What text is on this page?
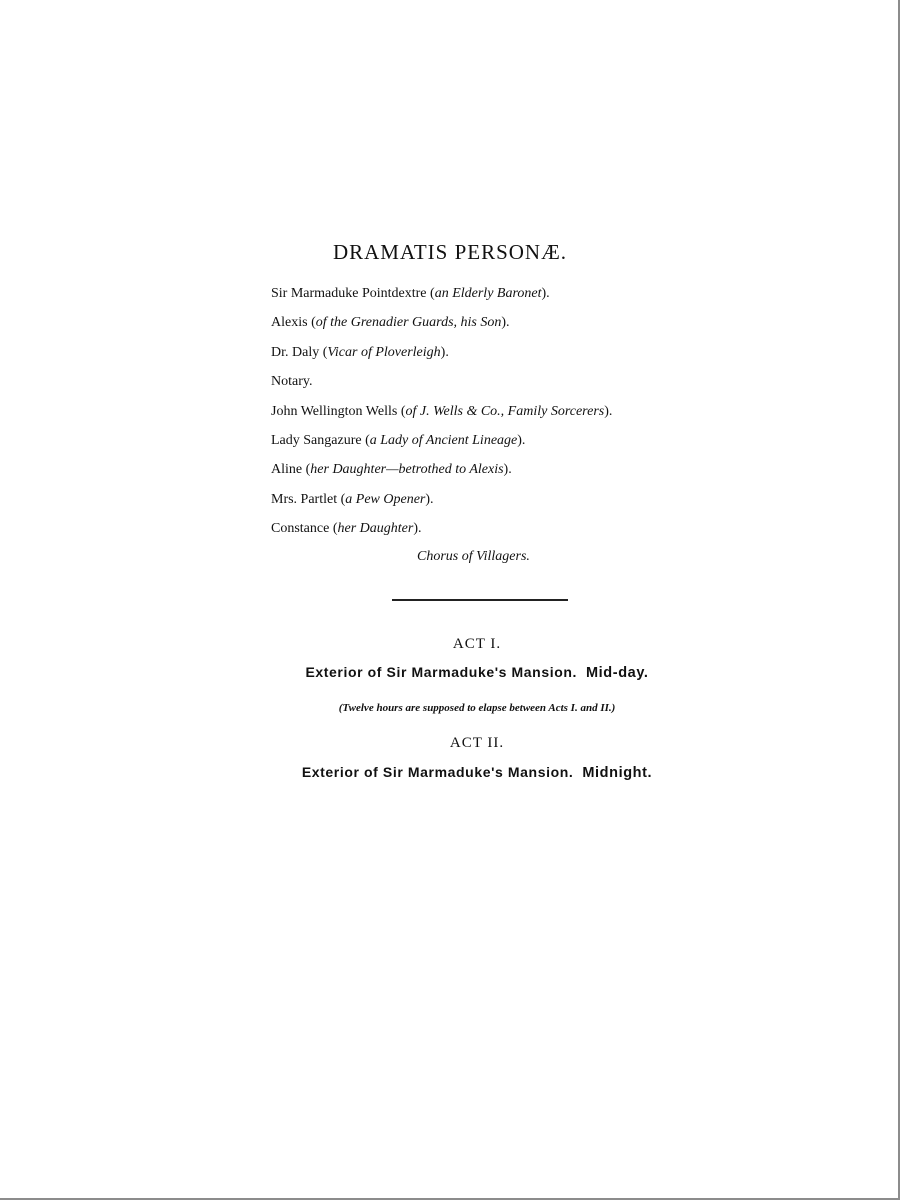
DRAMATIS PERSONÆ.
Sir Marmaduke Pointdextre (an Elderly Baronet).
Alexis (of the Grenadier Guards, his Son).
Dr. Daly (Vicar of Ploverleigh).
Notary.
John Wellington Wells (of J. Wells & Co., Family Sorcerers).
Lady Sangazure (a Lady of Ancient Lineage).
Aline (her Daughter—betrothed to Alexis).
Mrs. Partlet (a Pew Opener).
Constance (her Daughter).
Chorus of Villagers.
ACT I.
Exterior of Sir Marmaduke's Mansion. Mid-day.
(Twelve hours are supposed to elapse between Acts I. and II.)
ACT II.
Exterior of Sir Marmaduke's Mansion. Midnight.
